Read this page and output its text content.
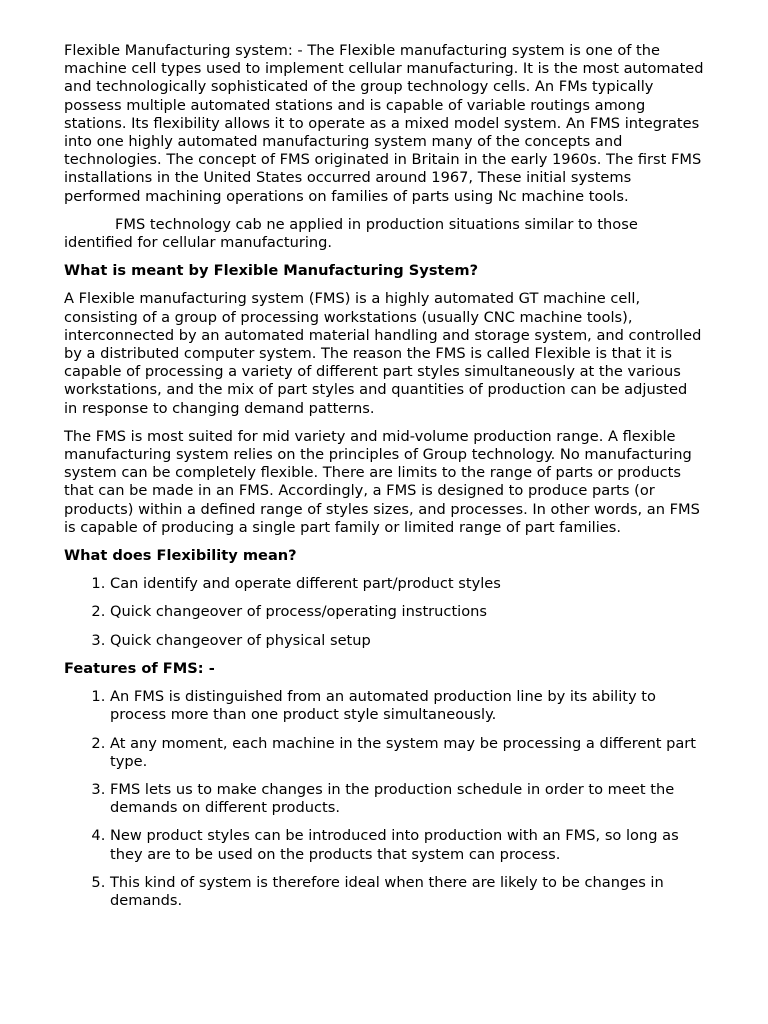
Flexible Manufacturing system: - The Flexible manufacturing system is one of the machine cell types used to implement cellular manufacturing. It is the most automated and technologically sophisticated of the group technology cells. An FMs typically possess multiple automated stations and is capable of variable routings among stations. Its flexibility allows it to operate as a mixed model system. An FMS integrates into one highly automated manufacturing system many of the concepts and technologies. The concept of FMS originated in Britain in the early 1960s. The first FMS installations in the United States occurred around 1967, These initial systems performed machining operations on families of parts using Nc machine tools.

FMS technology cab ne applied in production situations similar to those identified for cellular manufacturing.

What is meant by Flexible Manufacturing System?

A Flexible manufacturing system (FMS) is a highly automated GT machine cell, consisting of a group of processing workstations (usually CNC machine tools), interconnected by an automated material handling and storage system, and controlled by a distributed computer system. The reason the FMS is called Flexible is that it is capable of processing a variety of different part styles simultaneously at the various workstations, and the mix of part styles and quantities of production can be adjusted in response to changing demand patterns.

The FMS is most suited for mid variety and mid-volume production range. A flexible manufacturing system relies on the principles of Group technology. No manufacturing system can be completely flexible. There are limits to the range of parts or products that can be made in an FMS. Accordingly, a FMS is designed to produce parts (or products) within a defined range of styles sizes, and processes. In other words, an FMS is capable of producing a single part family or limited range of part families.

What does Flexibility mean?
1. Can identify and operate different part/product styles
2. Quick changeover of process/operating instructions
3. Quick changeover of physical setup
Features of FMS: -
1. An FMS is distinguished from an automated production line by its ability to process more than one product style simultaneously.
2. At any moment, each machine in the system may be processing a different part type.
3. FMS lets us to make changes in the production schedule in order to meet the demands on different products.
4. New product styles can be introduced into production with an FMS, so long as they are to be used on the products that system can process.
5. This kind of system is therefore ideal when there are likely to be changes in demands.
